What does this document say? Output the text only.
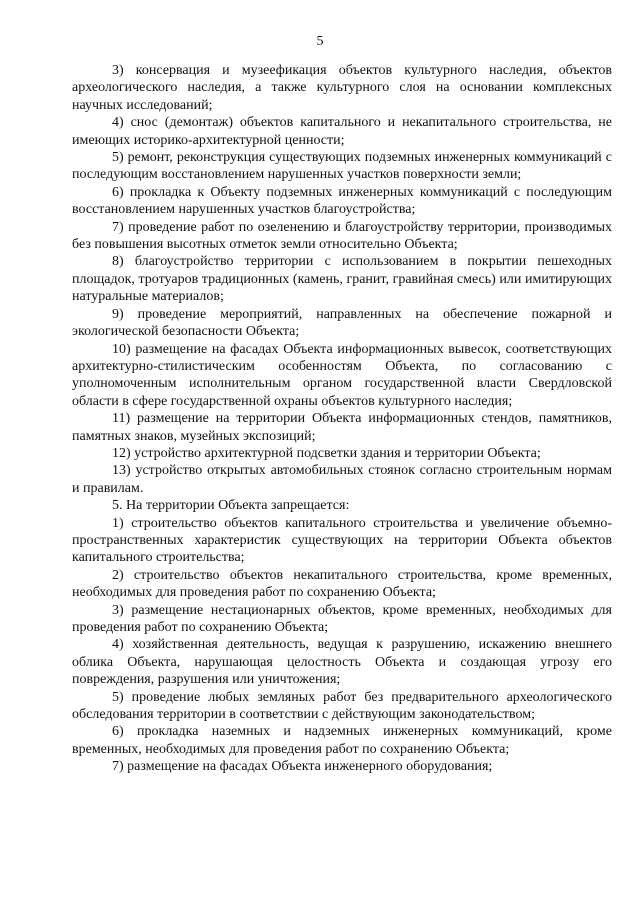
5

3) консервация и музеефикация объектов культурного наследия, объектов археологического наследия, а также культурного слоя на основании комплексных научных исследований;

4) снос (демонтаж) объектов капитального и некапитального строительства, не имеющих историко-архитектурной ценности;

5) ремонт, реконструкция существующих подземных инженерных коммуникаций с последующим восстановлением нарушенных участков поверхности земли;

6) прокладка к Объекту подземных инженерных коммуникаций с последующим восстановлением нарушенных участков благоустройства;

7) проведение работ по озеленению и благоустройству территории, производимых без повышения высотных отметок земли относительно Объекта;

8) благоустройство территории с использованием в покрытии пешеходных площадок, тротуаров традиционных (камень, гранит, гравийная смесь) или имитирующих натуральные материалов;

9) проведение мероприятий, направленных на обеспечение пожарной и экологической безопасности Объекта;

10) размещение на фасадах Объекта информационных вывесок, соответствующих архитектурно-стилистическим особенностям Объекта, по согласованию с уполномоченным исполнительным органом государственной власти Свердловской области в сфере государственной охраны объектов культурного наследия;

11) размещение на территории Объекта информационных стендов, памятников, памятных знаков, музейных экспозиций;

12) устройство архитектурной подсветки здания и территории Объекта;

13) устройство открытых автомобильных стоянок согласно строительным нормам и правилам.

5. На территории Объекта запрещается:

1) строительство объектов капитального строительства и увеличение объемно-пространственных характеристик существующих на территории Объекта объектов капитального строительства;

2) строительство объектов некапитального строительства, кроме временных, необходимых для проведения работ по сохранению Объекта;

3) размещение нестационарных объектов, кроме временных, необходимых для проведения работ по сохранению Объекта;

4) хозяйственная деятельность, ведущая к разрушению, искажению внешнего облика Объекта, нарушающая целостность Объекта и создающая угрозу его повреждения, разрушения или уничтожения;

5) проведение любых земляных работ без предварительного археологического обследования территории в соответствии с действующим законодательством;

6) прокладка наземных и надземных инженерных коммуникаций, кроме временных, необходимых для проведения работ по сохранению Объекта;

7) размещение на фасадах Объекта инженерного оборудования;
